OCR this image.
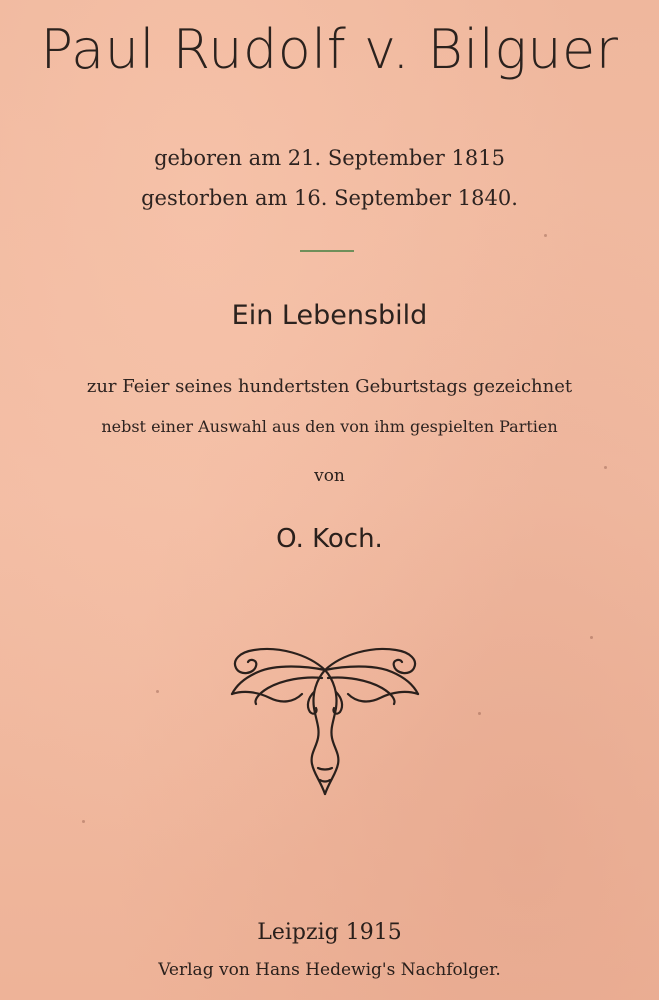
Paul Rudolf v. Bilguer
geboren am 21. September 1815
gestorben am 16. September 1840.
Ein Lebensbild
zur Feier seines hundertsten Geburtstags gezeichnet
nebst einer Auswahl aus den von ihm gespielten Partien
von
O. Koch.
Leipzig 1915
Verlag von Hans Hedewig's Nachfolger.
